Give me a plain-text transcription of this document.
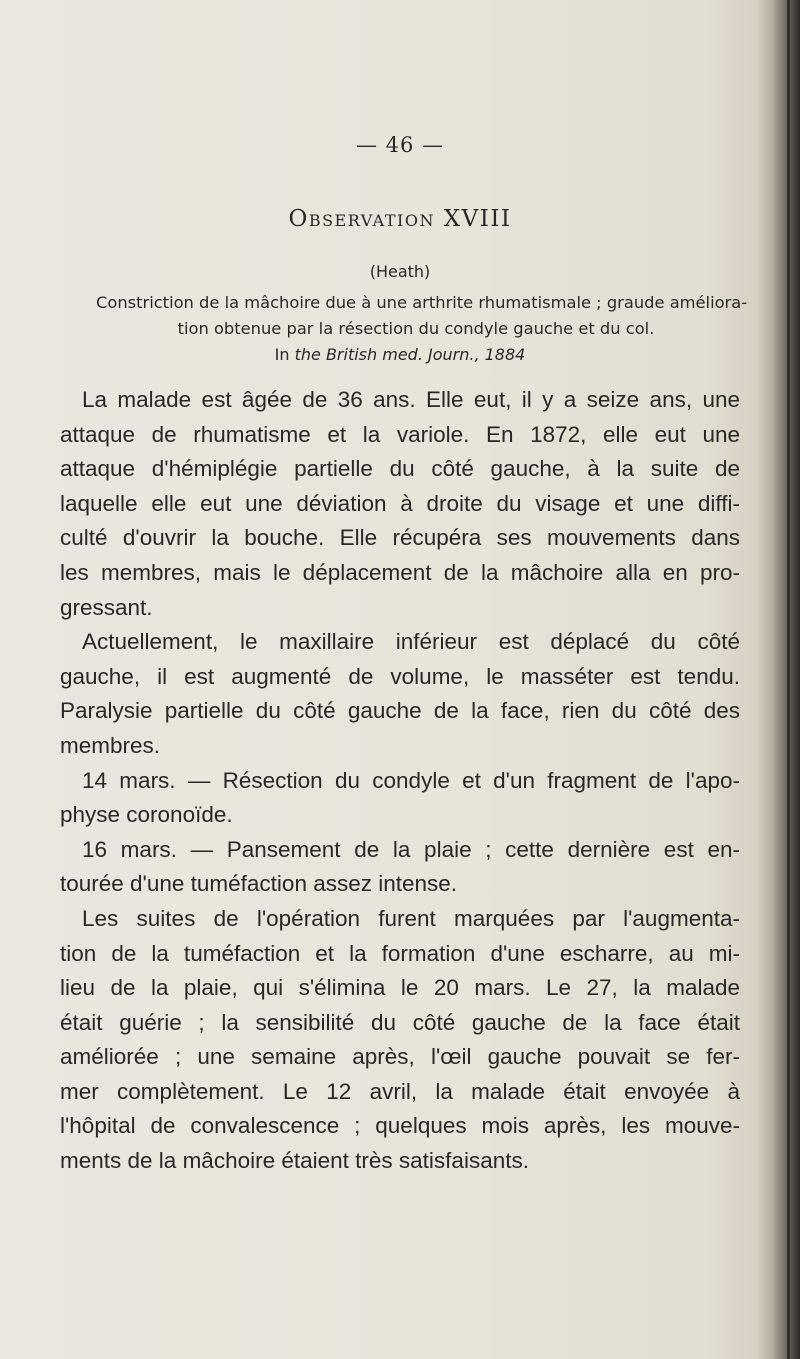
— 46 —
Observation XVIII
(Heath)
Constriction de la mâchoire due à une arthrite rhumatismale ; graude améliora-
tion obtenue par la résection du condyle gauche et du col.
In the British med. Journ., 1884
La malade est âgée de 36 ans. Elle eut, il y a seize ans, une
attaque de rhumatisme et la variole. En 1872, elle eut une
attaque d'hémiplégie partielle du côté gauche, à la suite de
laquelle elle eut une déviation à droite du visage et une diffi-
culté d'ouvrir la bouche. Elle récupéra ses mouvements dans
les membres, mais le déplacement de la mâchoire alla en pro-
gressant.
Actuellement, le maxillaire inférieur est déplacé du côté
gauche, il est augmenté de volume, le masséter est tendu.
Paralysie partielle du côté gauche de la face, rien du côté des
membres.
14 mars. — Résection du condyle et d'un fragment de l'apo-
physe coronoïde.
16 mars. — Pansement de la plaie ; cette dernière est en-
tourée d'une tuméfaction assez intense.
Les suites de l'opération furent marquées par l'augmenta-
tion de la tuméfaction et la formation d'une escharre, au mi-
lieu de la plaie, qui s'élimina le 20 mars. Le 27, la malade
était guérie ; la sensibilité du côté gauche de la face était
améliorée ; une semaine après, l'œil gauche pouvait se fer-
mer complètement. Le 12 avril, la malade était envoyée à
l'hôpital de convalescence ; quelques mois après, les mouve-
ments de la mâchoire étaient très satisfaisants.
